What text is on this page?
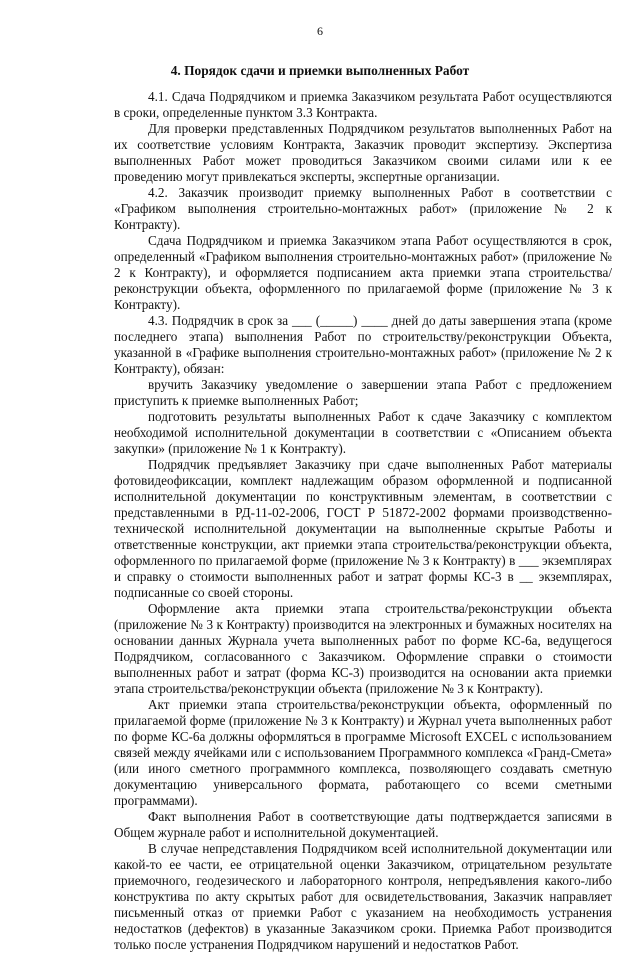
6
4. Порядок сдачи и приемки выполненных Работ

4.1. Сдача Подрядчиком и приемка Заказчиком результата Работ осуществляются в сроки, определенные пунктом 3.3 Контракта.

Для проверки представленных Подрядчиком результатов выполненных Работ на их соответствие условиям Контракта, Заказчик проводит экспертизу. Экспертиза выполненных Работ может проводиться Заказчиком своими силами или к ее проведению могут привлекаться эксперты, экспертные организации.

4.2. Заказчик производит приемку выполненных Работ в соответствии с «Графиком выполнения строительно-монтажных работ» (приложение № 2 к Контракту).

Сдача Подрядчиком и приемка Заказчиком этапа Работ осуществляются в срок, определенный «Графиком выполнения строительно-монтажных работ» (приложение № 2 к Контракту), и оформляется подписанием акта приемки этапа строительства/реконструкции объекта, оформленного по прилагаемой форме (приложение № 3 к Контракту).

4.3. Подрядчик в срок за ___ (_____) ____ дней до даты завершения этапа (кроме последнего этапа) выполнения Работ по строительству/реконструкции Объекта, указанной в «Графике выполнения строительно-монтажных работ» (приложение № 2 к Контракту), обязан:

вручить Заказчику уведомление о завершении этапа Работ с предложением приступить к приемке выполненных Работ;

подготовить результаты выполненных Работ к сдаче Заказчику с комплектом необходимой исполнительной документации в соответствии с «Описанием объекта закупки» (приложение № 1 к Контракту).

Подрядчик предъявляет Заказчику при сдаче выполненных Работ материалы фотовидеофиксации, комплект надлежащим образом оформленной и подписанной исполнительной документации по конструктивным элементам, в соответствии с представленными в РД-11-02-2006, ГОСТ Р 51872-2002 формами производственно-технической исполнительной документации на выполненные скрытые Работы и ответственные конструкции, акт приемки этапа строительства/реконструкции объекта, оформленного по прилагаемой форме (приложение № 3 к Контракту) в ___ экземплярах и справку о стоимости выполненных работ и затрат формы КС-3 в __ экземплярах, подписанные со своей стороны.

Оформление акта приемки этапа строительства/реконструкции объекта (приложение № 3 к Контракту) производится на электронных и бумажных носителях на основании данных Журнала учета выполненных работ по форме КС-6а, ведущегося Подрядчиком, согласованного с Заказчиком. Оформление справки о стоимости выполненных работ и затрат (форма КС-3) производится на основании акта приемки этапа строительства/реконструкции объекта (приложение № 3 к Контракту).

Акт приемки этапа строительства/реконструкции объекта, оформленный по прилагаемой форме (приложение № 3 к Контракту) и Журнал учета выполненных работ по форме КС-6а должны оформляться в программе Microsoft EXCEL с использованием связей между ячейками или с использованием Программного комплекса «Гранд-Смета» (или иного сметного программного комплекса, позволяющего создавать сметную документацию универсального формата, работающего со всеми сметными программами).

Факт выполнения Работ в соответствующие даты подтверждается записями в Общем журнале работ и исполнительной документацией.

В случае непредставления Подрядчиком всей исполнительной документации или какой-то ее части, ее отрицательной оценки Заказчиком, отрицательном результате приемочного, геодезического и лабораторного контроля, непредъявления какого-либо конструктива по акту скрытых работ для освидетельствования, Заказчик направляет письменный отказ от приемки Работ с указанием на необходимость устранения недостатков (дефектов) в указанные Заказчиком сроки. Приемка Работ производится только после устранения Подрядчиком нарушений и недостатков Работ.
